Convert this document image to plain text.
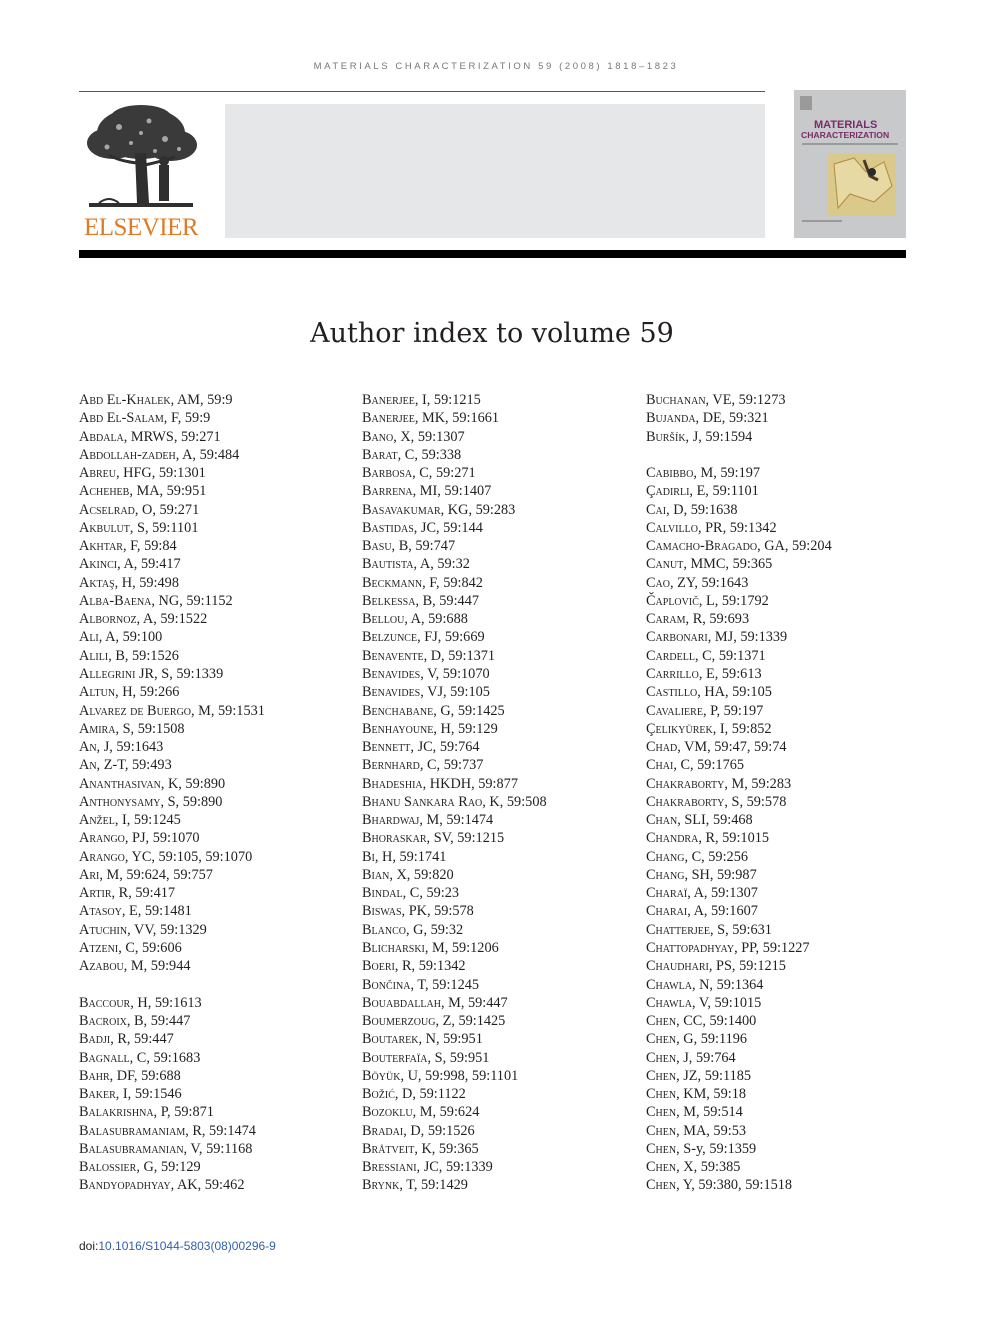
MATERIALS CHARACTERIZATION 59 (2008) 1818–1823
ELSEVIER
MATERIALS
CHARACTERIZATION
Author index to volume 59
Abd El-Khalek, AM, 59:9
Abd El-Salam, F, 59:9
Abdala, MRWS, 59:271
Abdollah-zadeh, A, 59:484
Abreu, HFG, 59:1301
Acheheb, MA, 59:951
Acselrad, O, 59:271
Akbulut, S, 59:1101
Akhtar, F, 59:84
Akinci, A, 59:417
Aktaş, H, 59:498
Alba-Baena, NG, 59:1152
Albornoz, A, 59:1522
Ali, A, 59:100
Alili, B, 59:1526
Allegrini JR, S, 59:1339
Altun, H, 59:266
Alvarez de Buergo, M, 59:1531
Amira, S, 59:1508
An, J, 59:1643
An, Z-T, 59:493
Ananthasivan, K, 59:890
Anthonysamy, S, 59:890
Anžel, I, 59:1245
Arango, PJ, 59:1070
Arango, YC, 59:105, 59:1070
Ari, M, 59:624, 59:757
Artir, R, 59:417
Atasoy, E, 59:1481
Atuchin, VV, 59:1329
Atzeni, C, 59:606
Azabou, M, 59:944
Baccour, H, 59:1613
Bacroix, B, 59:447
Badji, R, 59:447
Bagnall, C, 59:1683
Bahr, DF, 59:688
Baker, I, 59:1546
Balakrishna, P, 59:871
Balasubramaniam, R, 59:1474
Balasubramanian, V, 59:1168
Balossier, G, 59:129
Bandyopadhyay, AK, 59:462
Banerjee, I, 59:1215
Banerjee, MK, 59:1661
Bano, X, 59:1307
Barat, C, 59:338
Barbosa, C, 59:271
Barrena, MI, 59:1407
Basavakumar, KG, 59:283
Bastidas, JC, 59:144
Basu, B, 59:747
Bautista, A, 59:32
Beckmann, F, 59:842
Belkessa, B, 59:447
Bellou, A, 59:688
Belzunce, FJ, 59:669
Benavente, D, 59:1371
Benavides, V, 59:1070
Benavides, VJ, 59:105
Benchabane, G, 59:1425
Benhayoune, H, 59:129
Bennett, JC, 59:764
Bernhard, C, 59:737
Bhadeshia, HKDH, 59:877
Bhanu Sankara Rao, K, 59:508
Bhardwaj, M, 59:1474
Bhoraskar, SV, 59:1215
Bi, H, 59:1741
Bian, X, 59:820
Bindal, C, 59:23
Biswas, PK, 59:578
Blanco, G, 59:32
Blicharski, M, 59:1206
Boeri, R, 59:1342
Bončina, T, 59:1245
Bouabdallah, M, 59:447
Boumerzoug, Z, 59:1425
Boutarek, N, 59:951
Bouterfaïa, S, 59:951
Böyük, U, 59:998, 59:1101
Božić, D, 59:1122
Bozoklu, M, 59:624
Bradai, D, 59:1526
Bråtveit, K, 59:365
Bressiani, JC, 59:1339
Brynk, T, 59:1429
Buchanan, VE, 59:1273
Bujanda, DE, 59:321
Buršík, J, 59:1594
Cabibbo, M, 59:197
Çadirli, E, 59:1101
Cai, D, 59:1638
Calvillo, PR, 59:1342
Camacho-Bragado, GA, 59:204
Canut, MMC, 59:365
Cao, ZY, 59:1643
Čaplovič, L, 59:1792
Caram, R, 59:693
Carbonari, MJ, 59:1339
Cardell, C, 59:1371
Carrillo, E, 59:613
Castillo, HA, 59:105
Cavaliere, P, 59:197
Çelikyürek, I, 59:852
Chad, VM, 59:47, 59:74
Chai, C, 59:1765
Chakraborty, M, 59:283
Chakraborty, S, 59:578
Chan, SLI, 59:468
Chandra, R, 59:1015
Chang, C, 59:256
Chang, SH, 59:987
Charaï, A, 59:1307
Charai, A, 59:1607
Chatterjee, S, 59:631
Chattopadhyay, PP, 59:1227
Chaudhari, PS, 59:1215
Chawla, N, 59:1364
Chawla, V, 59:1015
Chen, CC, 59:1400
Chen, G, 59:1196
Chen, J, 59:764
Chen, JZ, 59:1185
Chen, KM, 59:18
Chen, M, 59:514
Chen, MA, 59:53
Chen, S-y, 59:1359
Chen, X, 59:385
Chen, Y, 59:380, 59:1518
doi:10.1016/S1044-5803(08)00296-9
